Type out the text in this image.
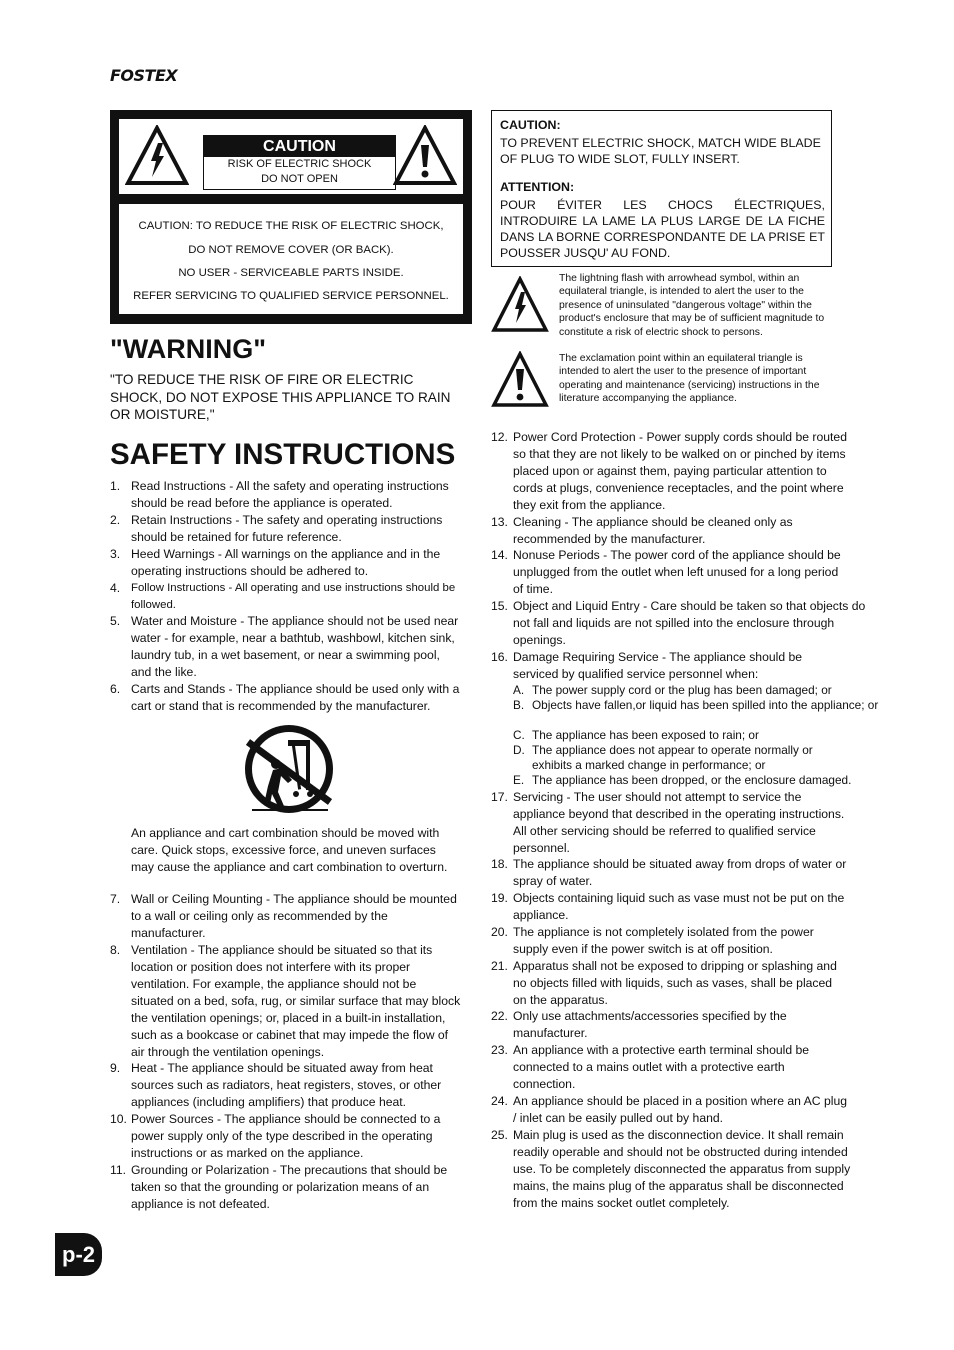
FOSTEX
CAUTION
RISK OF ELECTRIC SHOCK
DO NOT OPEN
CAUTION: TO REDUCE THE RISK OF ELECTRIC SHOCK,
DO NOT REMOVE COVER (OR BACK).
NO USER - SERVICEABLE PARTS INSIDE.
REFER SERVICING TO QUALIFIED SERVICE PERSONNEL.
"WARNING"
"TO REDUCE THE RISK OF FIRE OR ELECTRIC SHOCK, DO NOT EXPOSE THIS APPLIANCE TO RAIN OR MOISTURE,"
SAFETY INSTRUCTIONS
1. Read Instructions - All the safety and operating instructions should be read before the appliance is operated.
2. Retain Instructions - The safety and operating instructions should be retained for future reference.
3. Heed Warnings - All warnings on the appliance and in the operating instructions should be adhered to.
4. Follow Instructions - All operating and use instructions should be followed.
5. Water and Moisture - The appliance should not be used near water - for example, near a bathtub, washbowl, kitchen sink, laundry tub, in a wet basement, or near a swimming pool, and the like.
6. Carts and Stands - The appliance should be used only with a cart or stand that is recommended by the manufacturer.
An appliance and cart combination should be moved with care. Quick stops, excessive force, and uneven surfaces may cause the appliance and cart combination to overturn.
7. Wall or Ceiling Mounting - The appliance should be mounted to a wall or ceiling only as recommended by the manufacturer.
8. Ventilation - The appliance should be situated so that its location or position does not interfere with its proper ventilation. For example, the appliance should not be situated on a bed, sofa, rug, or similar surface that may block the ventilation openings; or, placed in a built-in installation, such as a bookcase or cabinet that may impede the flow of air through the ventilation openings.
9. Heat - The appliance should be situated away from heat sources such as radiators, heat registers, stoves, or other appliances (including amplifiers) that produce heat.
10. Power Sources - The appliance should be connected to a power supply only of the type described in the operating instructions or as marked on the appliance.
11. Grounding or Polarization - The precautions that should be taken so that the grounding or polarization means of an appliance is not defeated.
CAUTION:
TO PREVENT ELECTRIC SHOCK, MATCH WIDE BLADE OF PLUG TO WIDE SLOT, FULLY INSERT.
ATTENTION:
POUR ÉVITER LES CHOCS ÉLECTRIQUES, INTRODUIRE LA LAME LA PLUS LARGE DE LA FICHE DANS LA BORNE CORRESPONDANTE DE LA PRISE ET POUSSER JUSQU' AU FOND.
The lightning flash with arrowhead symbol, within an equilateral triangle, is intended to alert the user to the presence of uninsulated "dangerous voltage" within the product's enclosure that may be of sufficient magnitude to constitute a risk of electric shock to persons.
The exclamation point within an equilateral triangle is intended to alert the user to the presence of important operating and maintenance (servicing) instructions in the literature accompanying the appliance.
12. Power Cord Protection - Power supply cords should be routed so that they are not likely to be walked on or pinched by items placed upon or against them, paying particular attention to cords at plugs, convenience receptacles, and the point where they exit from the appliance.
13. Cleaning - The appliance should be cleaned only as recommended by the manufacturer.
14. Nonuse Periods - The power cord of the appliance should be unplugged from the outlet when left unused for a long period of time.
15. Object and Liquid Entry - Care should be taken so that objects do not fall and liquids are not spilled into the enclosure through openings.
16. Damage Requiring Service - The appliance should be serviced by qualified service personnel when:
A. The power supply cord or the plug has been damaged; or
B. Objects have fallen,or liquid has been spilled into the appliance; or
C. The appliance has been exposed to rain; or
D. The appliance does not appear to operate normally or exhibits a marked change in performance; or
E. The appliance has been dropped, or the enclosure damaged.
17. Servicing - The user should not attempt to service the appliance beyond that described in the operating instructions. All other servicing should be referred to qualified service personnel.
18. The appliance should be situated away from drops of water or spray of water.
19. Objects containing liquid such as vase must not be put on the appliance.
20. The appliance is not completely isolated from the power supply even if the power switch is at off position.
21. Apparatus shall not be exposed to dripping or splashing and no objects filled with liquids, such as vases, shall be placed on the apparatus.
22. Only use attachments/accessories specified by the manufacturer.
23. An appliance with a protective earth terminal should be connected to a mains outlet with a protective earth connection.
24. An appliance should be placed in a position where an AC plug / inlet can be easily pulled out by hand.
25. Main plug is used as the disconnection device. It shall remain readily operable and should not be obstructed during intended use. To be completely disconnected the apparatus from supply mains, the mains plug of the apparatus shall be disconnected from the mains socket outlet completely.
p-2
